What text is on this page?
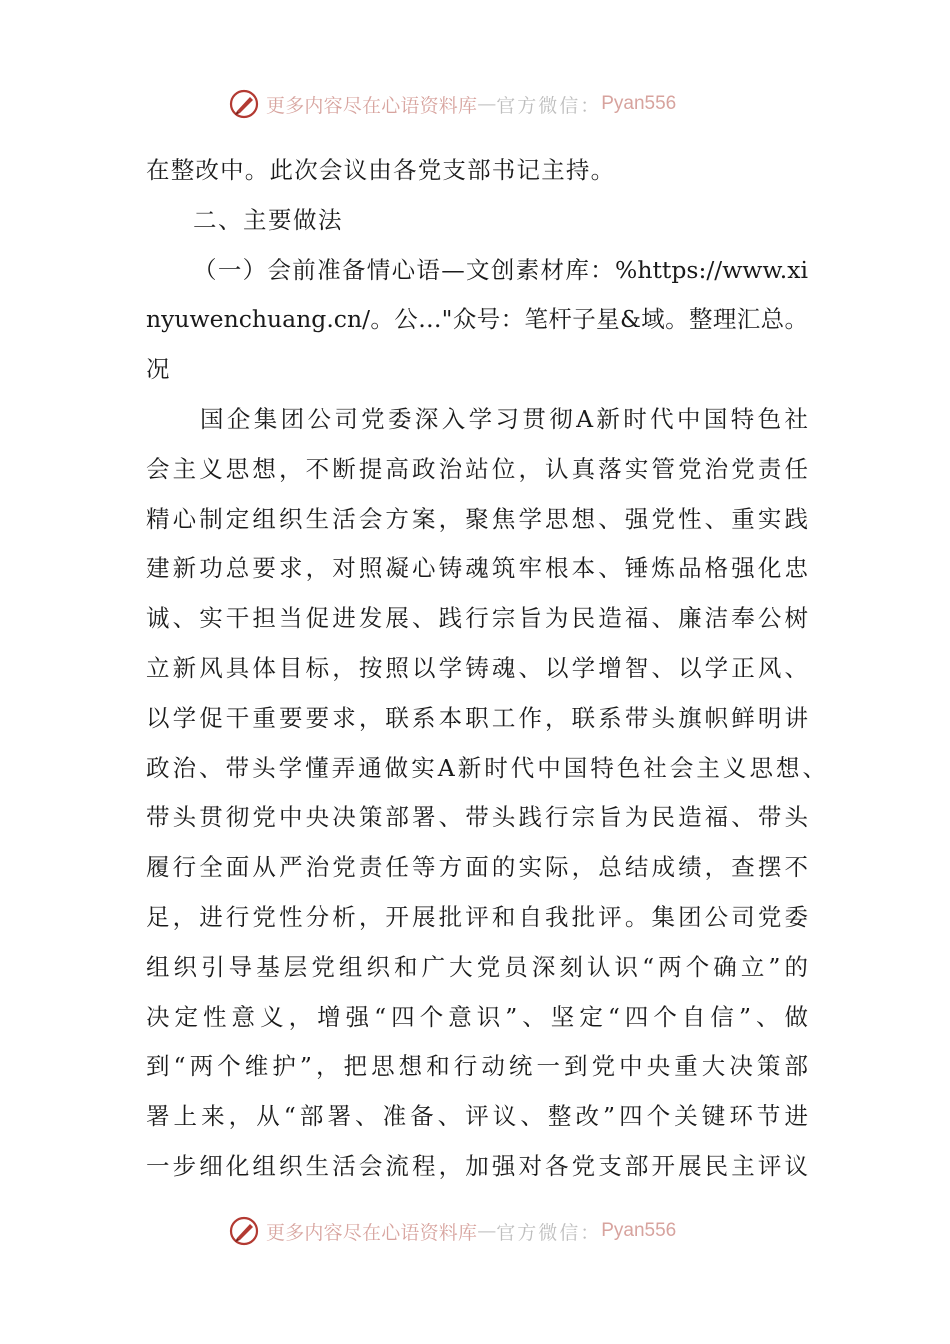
更多内容尽在心语资料库 — 官方微信： Pyan556
在整改中。此次会议由各党支部书记主持。
二、主要做法
（一）会前准备情心语—文创素材库：%https://www.xi
nyuwenchuang.cn/。公…"众号：笔杆子星&域。整理汇总。
况
国企集团公司党委深入学习贯彻A新时代中国特色社
会主义思想，不断提高政治站位，认真落实管党治党责任
精心制定组织生活会方案，聚焦学思想、强党性、重实践
建新功总要求，对照凝心铸魂筑牢根本、锤炼品格强化忠
诚、实干担当促进发展、践行宗旨为民造福、廉洁奉公树
立新风具体目标，按照以学铸魂、以学增智、以学正风、
以学促干重要要求，联系本职工作，联系带头旗帜鲜明讲
政治、带头学懂弄通做实A新时代中国特色社会主义思想、
带头贯彻党中央决策部署、带头践行宗旨为民造福、带头
履行全面从严治党责任等方面的实际，总结成绩，查摆不
足，进行党性分析，开展批评和自我批评。集团公司党委
组织引导基层党组织和广大党员深刻认识“两个确立”的
决定性意义，增强“四个意识”、坚定“四个自信”、做
到“两个维护”，把思想和行动统一到党中央重大决策部
署上来，从“部署、准备、评议、整改”四个关键环节进
一步细化组织生活会流程，加强对各党支部开展民主评议
更多内容尽在心语资料库 — 官方微信： Pyan556
